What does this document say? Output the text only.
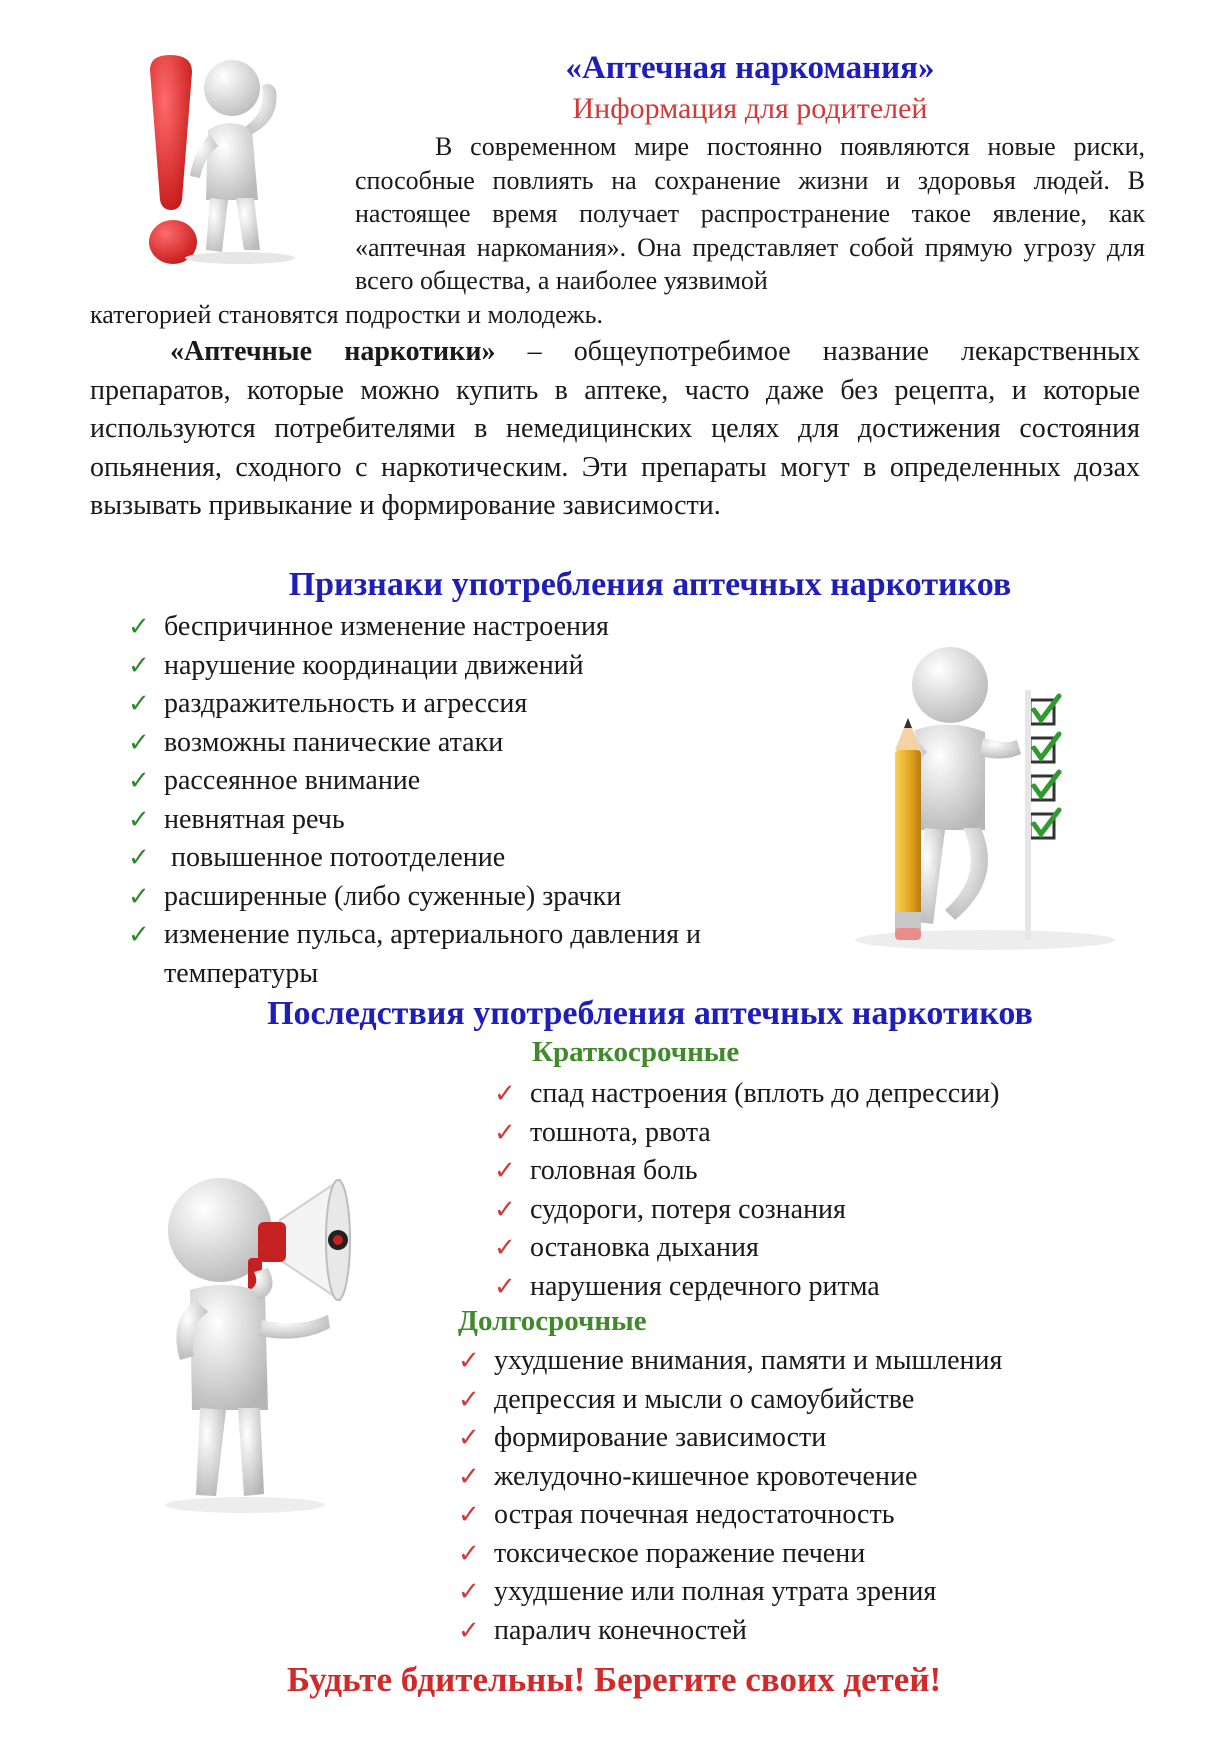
«Аптечная наркомания»
Информация для родителей
В современном мире постоянно появляются новые риски, способные повлиять на сохранение жизни и здоровья людей. В настоящее время получает распространение такое явление, как «аптечная наркомания». Она представляет собой прямую угрозу для всего общества, а наиболее уязвимой
категорией становятся подростки и молодежь.
«Аптечные наркотики» – общеупотребимое название лекарственных препаратов, которые можно купить в аптеке, часто даже без рецепта, и которые используются потребителями в немедицинских целях для достижения состояния опьянения, сходного с наркотическим. Эти препараты могут в определенных дозах вызывать привыкание и формирование зависимости.
Признаки употребления аптечных наркотиков
✓ беспричинное изменение настроения
✓ нарушение координации движений
✓ раздражительность и агрессия
✓ возможны панические атаки
✓ рассеянное внимание
✓ невнятная речь
✓ повышенное потоотделение
✓ расширенные (либо суженные) зрачки
✓ изменение пульса, артериального давления и температуры
Последствия употребления аптечных наркотиков
Краткосрочные
✓ спад настроения (вплоть до депрессии)
✓ тошнота, рвота
✓ головная боль
✓ судороги, потеря сознания
✓ остановка дыхания
✓ нарушения сердечного ритма
Долгосрочные
✓ ухудшение внимания, памяти и мышления
✓ депрессия и мысли о самоубийстве
✓ формирование зависимости
✓ желудочно-кишечное кровотечение
✓ острая почечная недостаточность
✓ токсическое поражение печени
✓ ухудшение или полная утрата зрения
✓ паралич конечностей
Будьте бдительны! Берегите своих детей!
